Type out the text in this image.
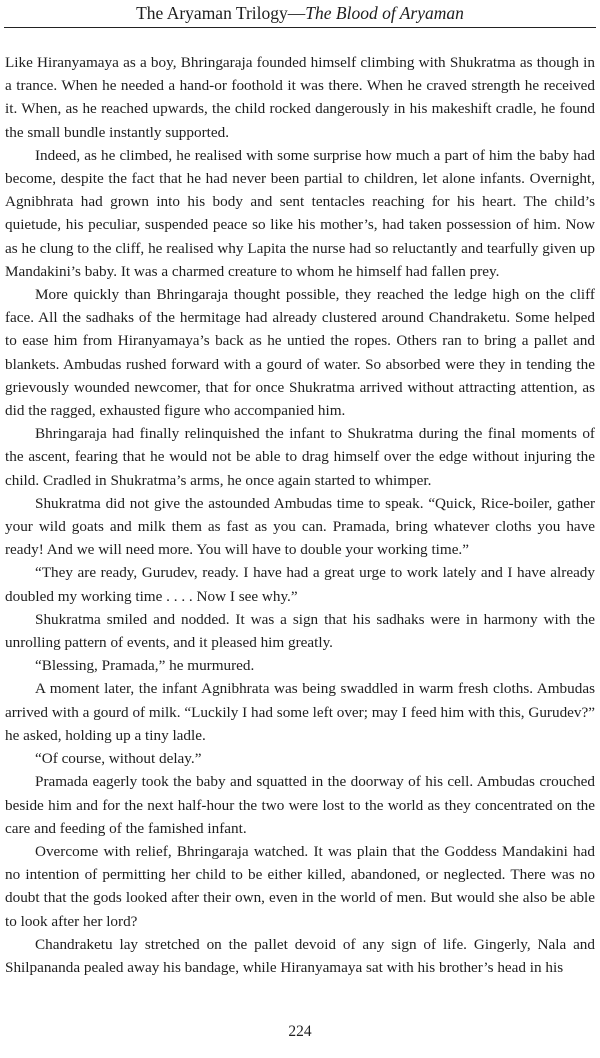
The Aryaman Trilogy—The Blood of Aryaman

Like Hiranyamaya as a boy, Bhringaraja founded himself climbing with Shukratma as though in a trance. When he needed a hand-or foothold it was there. When he craved strength he received it. When, as he reached upwards, the child rocked dangerously in his makeshift cradle, he found the small bundle instantly supported.

Indeed, as he climbed, he realised with some surprise how much a part of him the baby had become, despite the fact that he had never been partial to children, let alone infants. Overnight, Agnibhrata had grown into his body and sent tentacles reaching for his heart. The child’s quietude, his peculiar, suspended peace so like his mother’s, had taken possession of him. Now as he clung to the cliff, he realised why Lapita the nurse had so reluctantly and tearfully given up Mandakini’s baby. It was a charmed creature to whom he himself had fallen prey.

More quickly than Bhringaraja thought possible, they reached the ledge high on the cliff face. All the sadhaks of the hermitage had already clustered around Chandraketu. Some helped to ease him from Hiranyamaya’s back as he untied the ropes. Others ran to bring a pallet and blankets. Ambudas rushed forward with a gourd of water. So absorbed were they in tending the grievously wounded newcomer, that for once Shukratma arrived without attracting attention, as did the ragged, exhausted figure who accompanied him.

Bhringaraja had finally relinquished the infant to Shukratma during the final moments of the ascent, fearing that he would not be able to drag himself over the edge without injuring the child. Cradled in Shukratma’s arms, he once again started to whimper.

Shukratma did not give the astounded Ambudas time to speak. “Quick, Rice-boiler, gather your wild goats and milk them as fast as you can. Pramada, bring whatever cloths you have ready! And we will need more. You will have to double your working time.”

“They are ready, Gurudev, ready. I have had a great urge to work lately and I have already doubled my working time . . . . Now I see why.”

Shukratma smiled and nodded. It was a sign that his sadhaks were in harmony with the unrolling pattern of events, and it pleased him greatly.

“Blessing, Pramada,” he murmured.

A moment later, the infant Agnibhrata was being swaddled in warm fresh cloths. Ambudas arrived with a gourd of milk. “Luckily I had some left over; may I feed him with this, Gurudev?” he asked, holding up a tiny ladle.

“Of course, without delay.”

Pramada eagerly took the baby and squatted in the doorway of his cell. Ambudas crouched beside him and for the next half-hour the two were lost to the world as they concentrated on the care and feeding of the famished infant.

Overcome with relief, Bhringaraja watched. It was plain that the Goddess Mandakini had no intention of permitting her child to be either killed, abandoned, or neglected. There was no doubt that the gods looked after their own, even in the world of men. But would she also be able to look after her lord?

Chandraketu lay stretched on the pallet devoid of any sign of life. Gingerly, Nala and Shilpananda pealed away his bandage, while Hiranyamaya sat with his brother’s head in his

224
